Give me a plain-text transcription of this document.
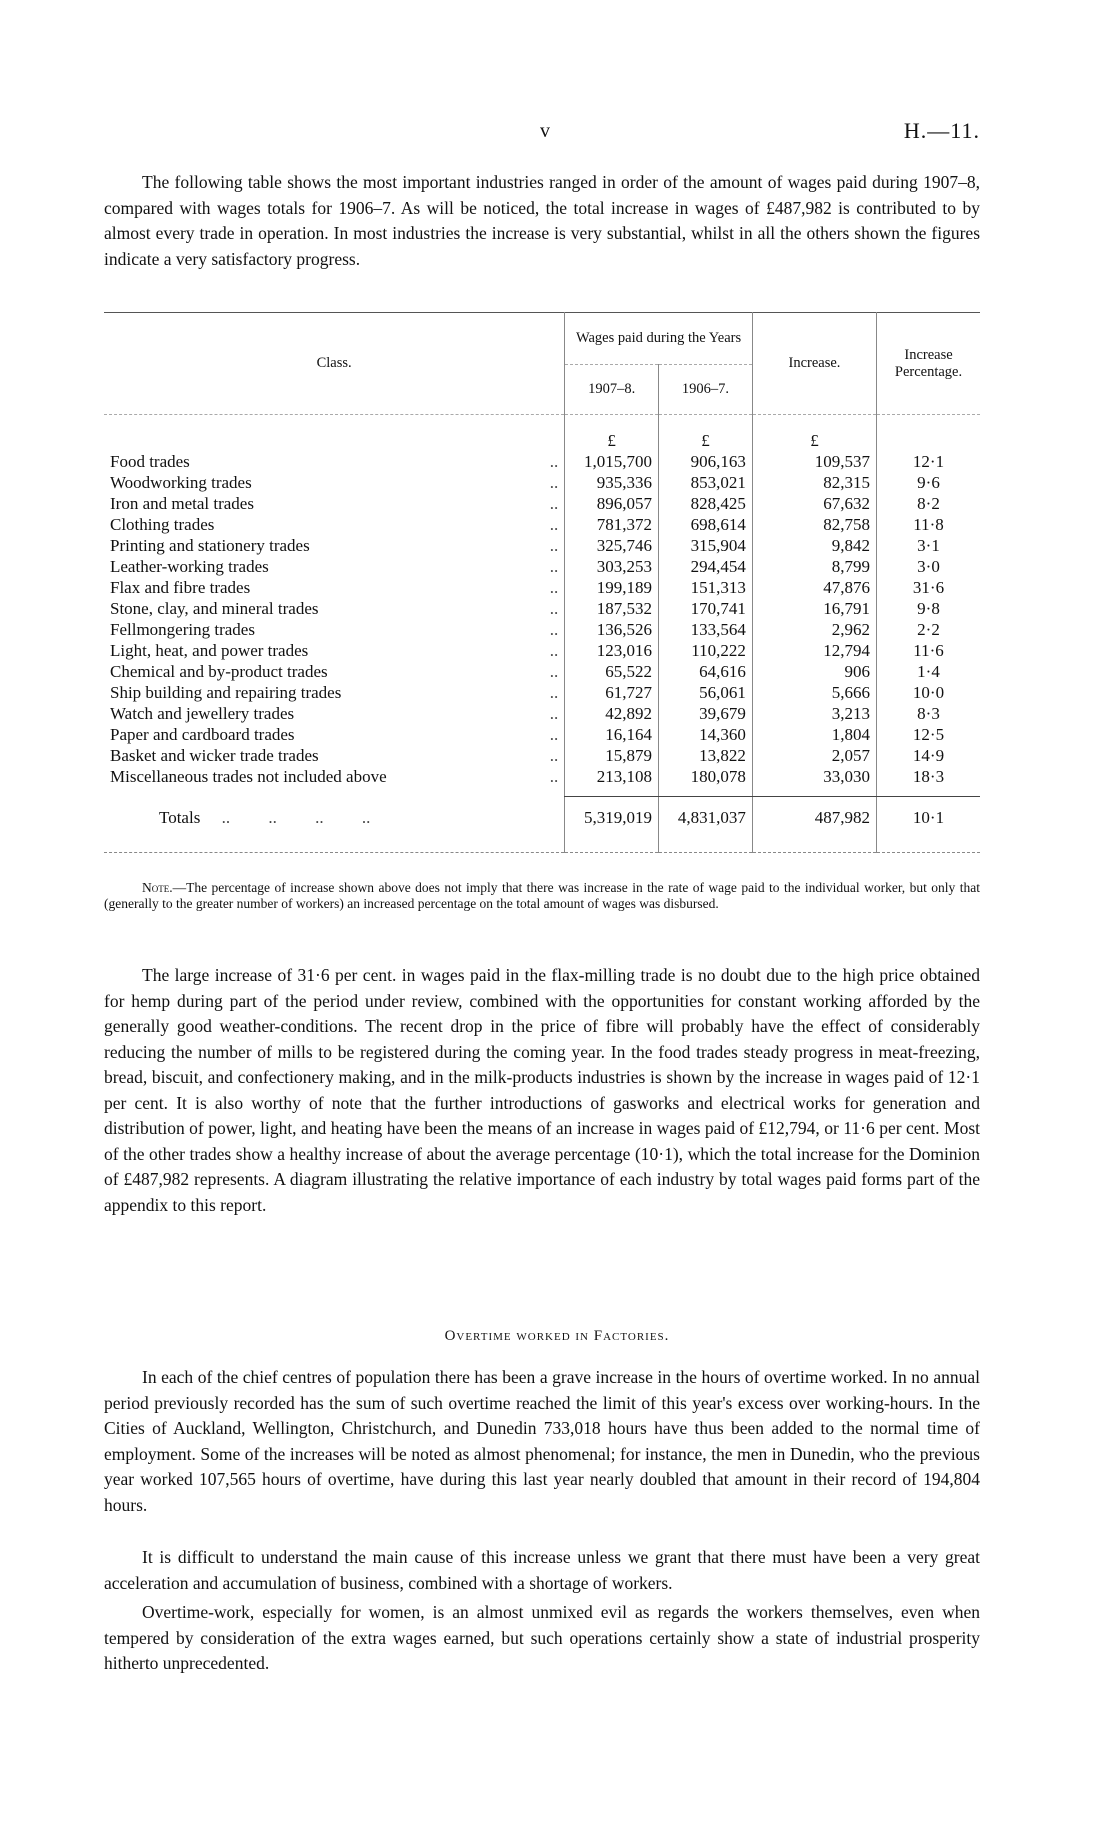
v	H.—11.
The following table shows the most important industries ranged in order of the amount of wages paid during 1907–8, compared with wages totals for 1906–7. As will be noticed, the total increase in wages of £487,982 is contributed to by almost every trade in operation. In most industries the increase is very substantial, whilst in all the others shown the figures indicate a very satisfactory progress.
Class.	Wages paid during the Years		Increase.	Increase Percentage.
	1907–8.	1906–7.		
	£	£	£	
Food trades ..	1,015,700	906,163	109,537	12·1
Woodworking trades ..	935,336	853,021	82,315	9·6
Iron and metal trades ..	896,057	828,425	67,632	8·2
Clothing trades ..	781,372	698,614	82,758	11·8
Printing and stationery trades ..	325,746	315,904	9,842	3·1
Leather-working trades ..	303,253	294,454	8,799	3·0
Flax and fibre trades ..	199,189	151,313	47,876	31·6
Stone, clay, and mineral trades ..	187,532	170,741	16,791	9·8
Fellmongering trades ..	136,526	133,564	2,962	2·2
Light, heat, and power trades ..	123,016	110,222	12,794	11·6
Chemical and by-product trades ..	65,522	64,616	906	1·4
Ship building and repairing trades ..	61,727	56,061	5,666	10·0
Watch and jewellery trades ..	42,892	39,679	3,213	8·3
Paper and cardboard trades ..	16,164	14,360	1,804	12·5
Basket and wicker trade trades ..	15,879	13,822	2,057	14·9
Miscellaneous trades not included above ..	213,108	180,078	33,030	18·3

Totals     ..         ..         ..         ..	5,319,019	4,831,037	487,982	10·1

Note.—The percentage of increase shown above does not imply that there was increase in the rate of wage paid to the individual worker, but only that (generally to the greater number of workers) an increased percentage on the total amount of wages was disbursed.
The large increase of 31·6 per cent. in wages paid in the flax-milling trade is no doubt due to the high price obtained for hemp during part of the period under review, combined with the opportunities for constant working afforded by the generally good weather-conditions. The recent drop in the price of fibre will probably have the effect of considerably reducing the number of mills to be registered during the coming year. In the food trades steady progress in meat-freezing, bread, biscuit, and confectionery making, and in the milk-products industries is shown by the increase in wages paid of 12·1 per cent. It is also worthy of note that the further introductions of gasworks and electrical works for generation and distribution of power, light, and heating have been the means of an increase in wages paid of £12,794, or 11·6 per cent. Most of the other trades show a healthy increase of about the average percentage (10·1), which the total increase for the Dominion of £487,982 represents. A diagram illustrating the relative importance of each industry by total wages paid forms part of the appendix to this report.
Overtime worked in Factories.
In each of the chief centres of population there has been a grave increase in the hours of overtime worked. In no annual period previously recorded has the sum of such overtime reached the limit of this year's excess over working-hours. In the Cities of Auckland, Wellington, Christchurch, and Dunedin 733,018 hours have thus been added to the normal time of employment. Some of the increases will be noted as almost phenomenal; for instance, the men in Dunedin, who the previous year worked 107,565 hours of overtime, have during this last year nearly doubled that amount in their record of 194,804 hours.
It is difficult to understand the main cause of this increase unless we grant that there must have been a very great acceleration and accumulation of business, combined with a shortage of workers.
Overtime-work, especially for women, is an almost unmixed evil as regards the workers themselves, even when tempered by consideration of the extra wages earned, but such operations certainly show a state of industrial prosperity hitherto unprecedented.
